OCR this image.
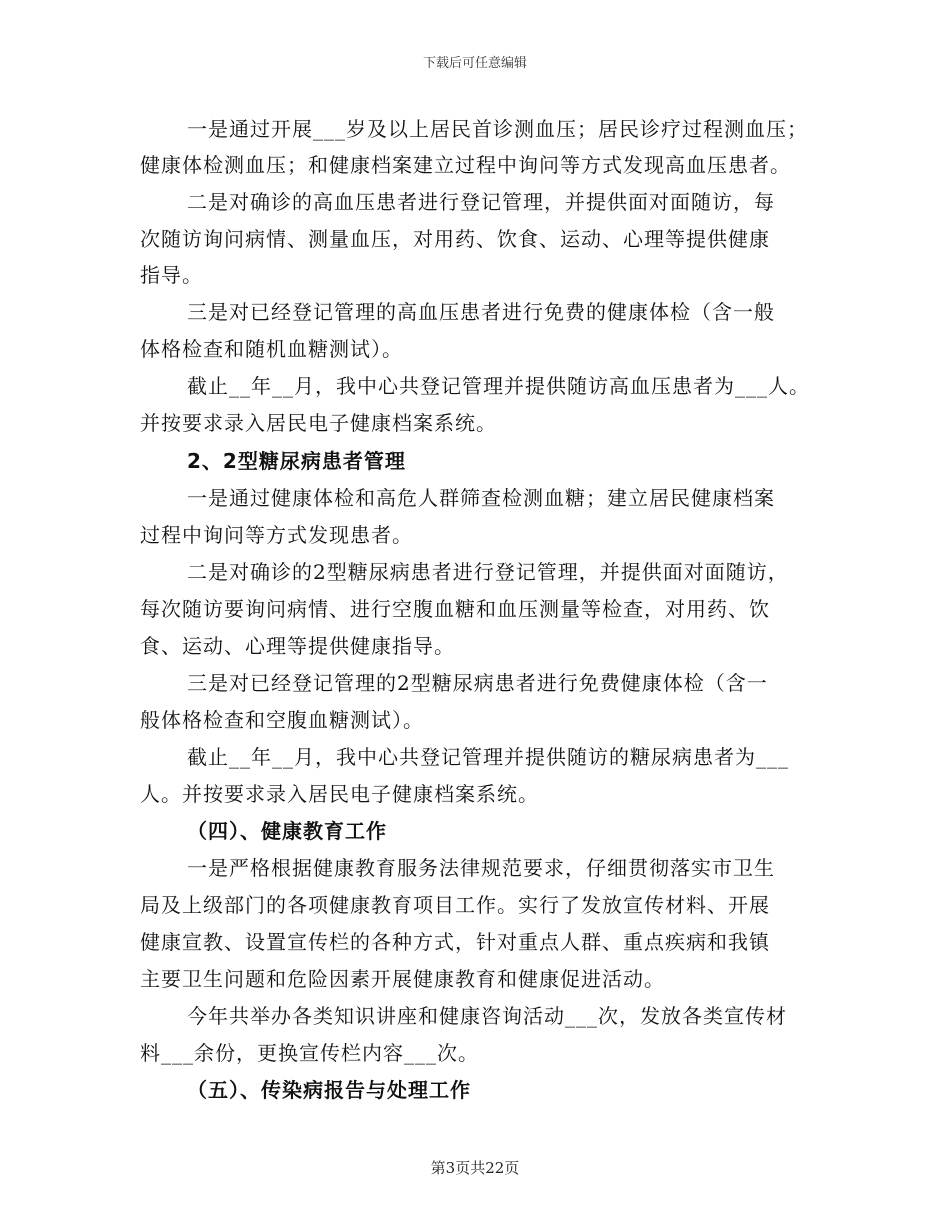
下载后可任意编辑
一是通过开展___岁及以上居民首诊测血压；居民诊疗过程测血压；
健康体检测血压；和健康档案建立过程中询问等方式发现高血压患者。
二是对确诊的高血压患者进行登记管理，并提供面对面随访，每
次随访询问病情、测量血压，对用药、饮食、运动、心理等提供健康
指导。
三是对已经登记管理的高血压患者进行免费的健康体检（含一般
体格检查和随机血糖测试）。
截止__年__月，我中心共登记管理并提供随访高血压患者为___人。
并按要求录入居民电子健康档案系统。
2、2型糖尿病患者管理
一是通过健康体检和高危人群筛查检测血糖；建立居民健康档案
过程中询问等方式发现患者。
二是对确诊的2型糖尿病患者进行登记管理，并提供面对面随访，
每次随访要询问病情、进行空腹血糖和血压测量等检查，对用药、饮
食、运动、心理等提供健康指导。
三是对已经登记管理的2型糖尿病患者进行免费健康体检（含一
般体格检查和空腹血糖测试）。
截止__年__月，我中心共登记管理并提供随访的糖尿病患者为___
人。并按要求录入居民电子健康档案系统。
（四）、健康教育工作
一是严格根据健康教育服务法律规范要求，仔细贯彻落实市卫生
局及上级部门的各项健康教育项目工作。实行了发放宣传材料、开展
健康宣教、设置宣传栏的各种方式，针对重点人群、重点疾病和我镇
主要卫生问题和危险因素开展健康教育和健康促进活动。
今年共举办各类知识讲座和健康咨询活动___次，发放各类宣传材
料___余份，更换宣传栏内容___次。
（五）、传染病报告与处理工作
第3页共22页
